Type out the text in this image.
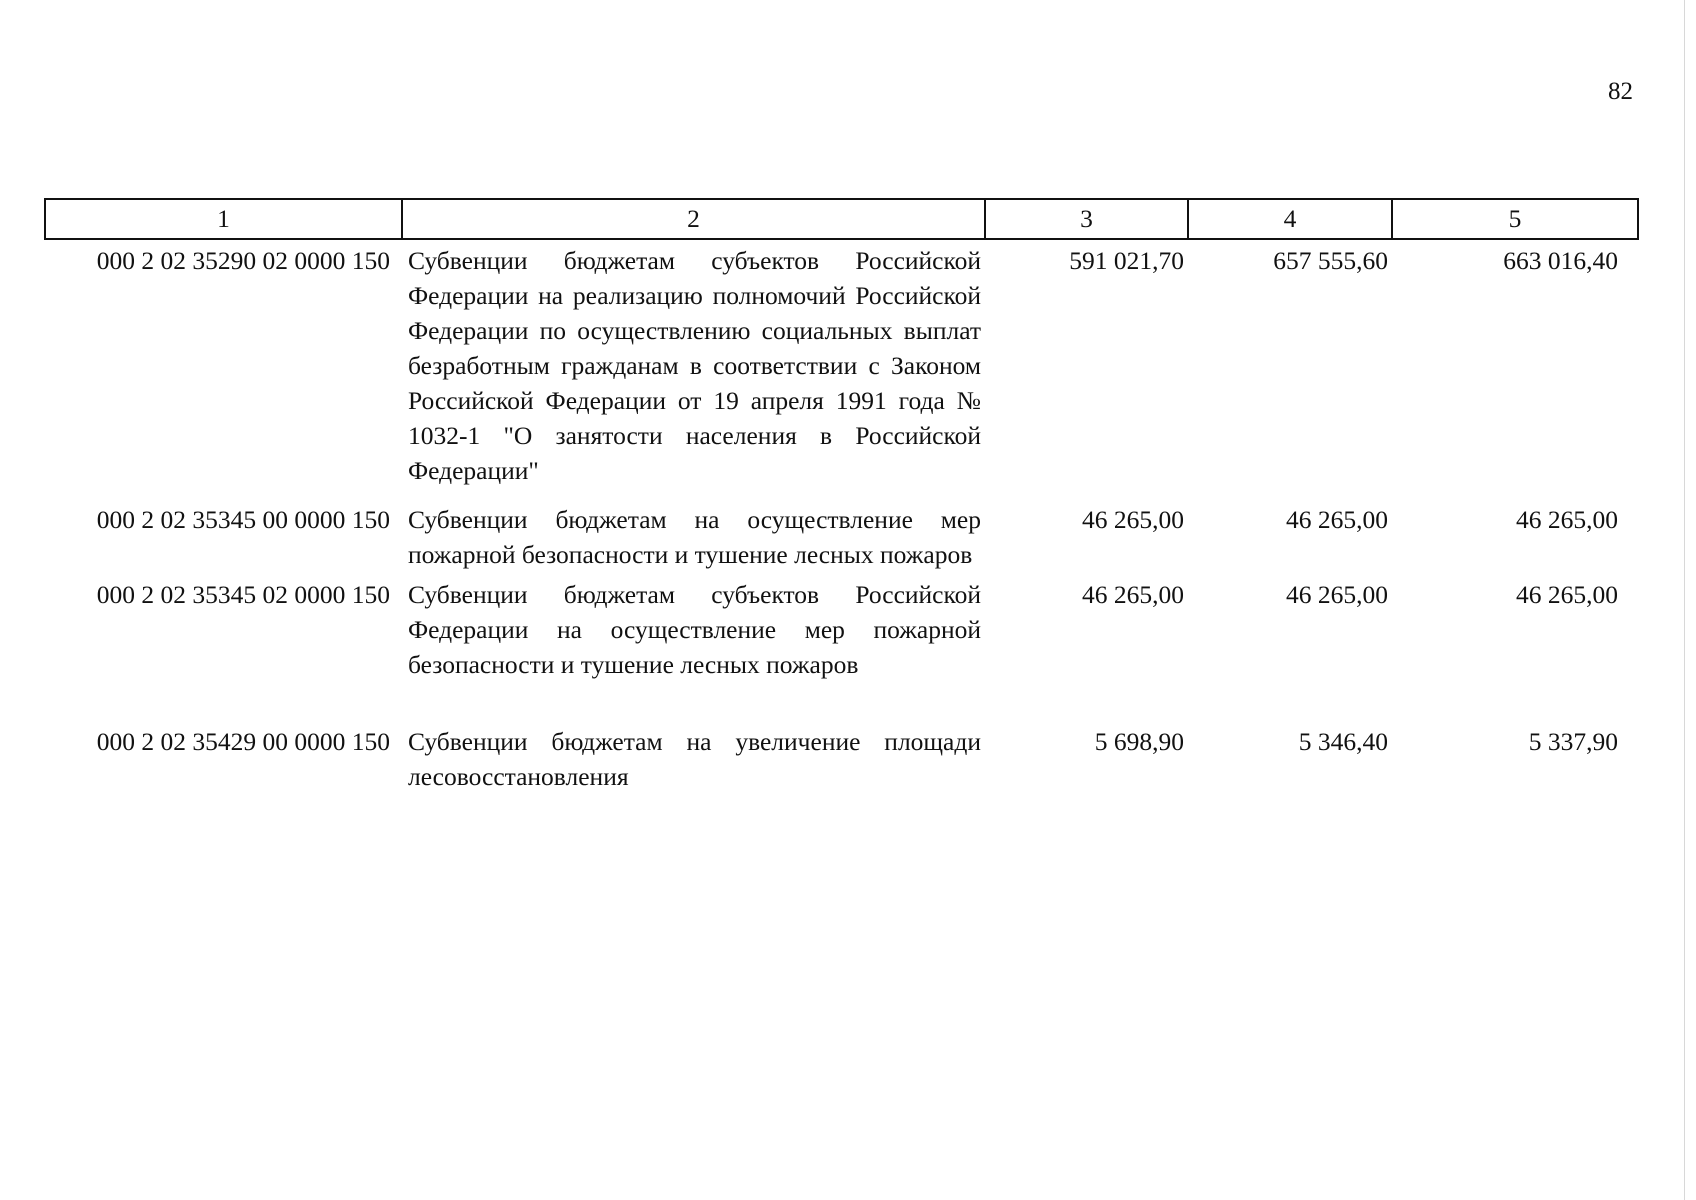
82
1	2	3	4	5
000 2 02 35290 02 0000 150	Субвенции бюджетам субъектов Российской Федерации на реализацию полномочий Российской Федерации по осуществлению социальных выплат безработным гражданам в соответствии с Законом Российской Федерации от 19 апреля 1991 года № 1032-1 "О занятости населения в Российской Федерации"	591 021,70	657 555,60	663 016,40
000 2 02 35345 00 0000 150	Субвенции бюджетам на осуществление мер пожарной безопасности и тушение лесных пожаров	46 265,00	46 265,00	46 265,00
000 2 02 35345 02 0000 150	Субвенции бюджетам субъектов Российской Федерации на осуществление мер пожарной безопасности и тушение лесных пожаров	46 265,00	46 265,00	46 265,00
000 2 02 35429 00 0000 150	Субвенции бюджетам на увеличение площади лесовосстановления	5 698,90	5 346,40	5 337,90
